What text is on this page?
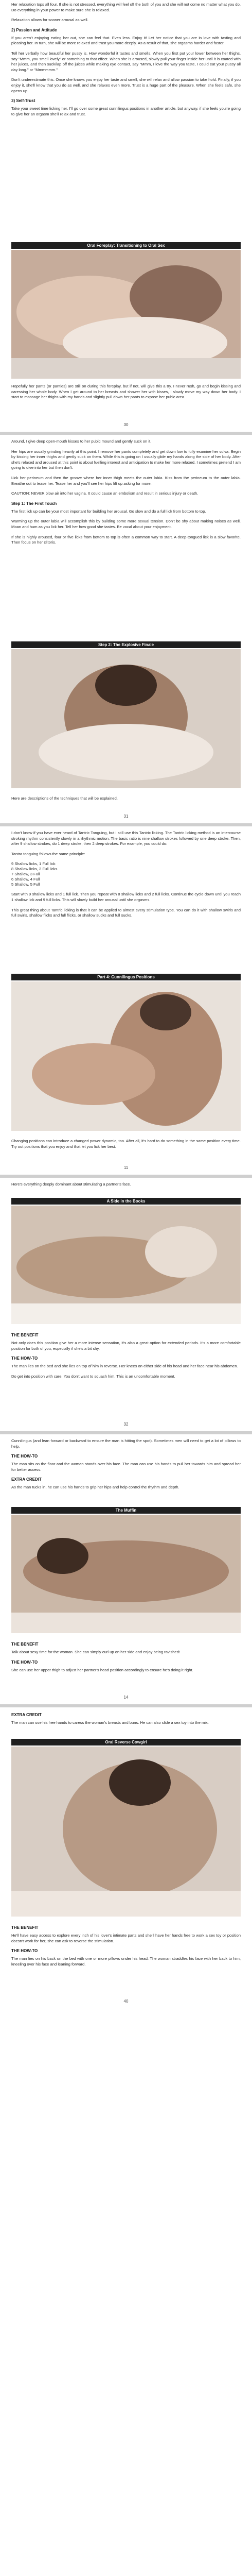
Her relaxation tops all four. If she is not stressed, everything will feel off the both of you and she will not come no matter what you do. Do everything in your power to make sure she is relaxed.

Relaxation allows for sooner arousal as well.

2) Passion and Attitude

If you aren't enjoying eating her out, she can feel that. Even less. Enjoy it! Let her notice that you are in love with tasting and pleasing her. In turn, she will be more relaxed and trust you more deeply. As a result of that, she orgasms harder and faster.

Tell her verbally how beautiful her pussy is. How wonderful it tastes and smells. When you first put your lower between her thighs, say "Mmm, you smell lovely" or something to that effect. When she is aroused, slowly pull your finger inside her until it is coated with her juices, and then suck/lap off the juices while making eye contact, say "Mmm, I love the way you taste, I could eat your pussy all day long." or "Mmmmmm."

Don't underestimate this. Once she knows you enjoy her taste and smell, she will relax and allow passion to take hold. Finally, if you enjoy it, she'll know that you do as well, and she relaxes even more. Trust is a huge part of the pleasure. When she feels safe, she opens up.

3) Self-Trust

Take your sweet time licking her. I'll go over some great cunnilingus positions in another article, but anyway, if she feels you're going to give her an orgasm she'll relax and trust.

Oral Foreplay: Transitioning to Oral Sex

Hopefully her pants (or panties) are still on during this foreplay, but if not, will give this a try. I never rush, go and begin kissing and caressing her whole body. When I get around to her breasts and shower her with kisses, I slowly move my way down her body. I start to massage her thighs with my hands and slightly pull down her pants to expose her pubic area.

30

Around, I give deep open-mouth kisses to her pubic mound and gently suck on it.

Her hips are usually grinding heavily at this point. I remove her pants completely and get down low to fully examine her vulva. Begin by kissing her inner thighs and gently suck on them. While this is going on I usually glide my hands along the side of her body. After she's relaxed and aroused at this point is about fuelling interest and anticipation to make her more relaxed. I sometimes pretend I am going to dive into her but then don't.

Lick her perineum and then the groove where her inner thigh meets the outer labia. Kiss from the perineum to the outer labia. Breathe out to tease her. Tease her and you'll see her hips lift up asking for more.

CAUTION: NEVER blow air into her vagina. It could cause an embolism and result in serious injury or death.

Step 1: The First Touch

The first lick up can be your most important for building her arousal. Go slow and do a full lick from bottom to top.

Warming up the outer labia will accomplish this by building some more sexual tension. Don't be shy about making noises as well. Moan and hum as you lick her. Tell her how good she tastes. Be vocal about your enjoyment.

If she is highly aroused, four or five licks from bottom to top is often a common way to start. A deep-tongued lick is a slow favorite. Then focus on her clitoris.

Step 2: The Explosive Finale

Here are descriptions of the techniques that will be explained.

31

I don't know if you have ever heard of Tantric Tonguing, but I still use this Tantric licking. The Tantric licking method is an intercourse stroking rhythm consistently slowly in a rhythmic motion. The basic ratio is nine shallow strokes followed by one deep stroke. Then, after 9 shallow strokes, do 1 deep stroke, then 2 deep strokes. For example, you could do:

Tantra tonguing follows the same principle:

9 Shallow licks, 1 Full lick

8 Shallow licks, 2 Full licks

7 Shallow, 3 Full

6 Shallow, 4 Full

5 Shallow, 5 Full

Start with 9 shallow licks and 1 full lick. Then you repeat with 8 shallow licks and 2 full licks. Continue the cycle down until you reach 1 shallow lick and 9 full licks. This will slowly build her arousal until she orgasms.

This great thing about Tantric licking is that it can be applied to almost every stimulation type. You can do it with shallow swirls and full swirls, shallow flicks and full flicks, or shallow sucks and full sucks.

Part 4: Cunnilingus Positions

Changing positions can introduce a changed power dynamic, too. After all, it's hard to do something in the same position every time. Try out positions that you enjoy and that let you lick her best.

11

Here's everything deeply dominant about stimulating a partner's face.

A Side in the Books
THE BENEFIT

Not only does this position give her a more intense sensation, it's also a great option for extended periods. It's a more comfortable position for both of you, especially if she's a bit shy.

THE HOW-TO

The man lies on the bed and she lies on top of him in reverse. Her knees on either side of his head and her face near his abdomen.

Do get into position with care. You don't want to squash him. This is an uncomfortable moment.

32

Cunnilingus (and lean forward or backward to ensure the man is hitting the spot). Sometimes men will need to get a lot of pillows to help.

THE HOW-TO

The man sits on the floor and the woman stands over his face. The man can use his hands to pull her towards him and spread her for better access.

EXTRA CREDIT

As the man tucks in, he can use his hands to grip her hips and help control the rhythm and depth.

The Muffin
THE BENEFIT

Talk about sexy time for the woman. She can simply curl up on her side and enjoy being ravished!

THE HOW-TO

She can use her upper thigh to adjust her partner's head position accordingly to ensure he's doing it right.

14
EXTRA CREDIT

The man can use his free hands to caress the woman's breasts and buns. He can also slide a sex toy into the mix.

Oral Reverse Cowgirl
THE BENEFIT

He'll have easy access to explore every inch of his lover's intimate parts and she'll have her hands free to work a sex toy or position doesn't work for her, she can ask to reverse the stimulation.

THE HOW-TO

The man lies on his back on the bed with one or more pillows under his head. The woman straddles his face with her back to him, kneeling over his face and leaning forward.

40
